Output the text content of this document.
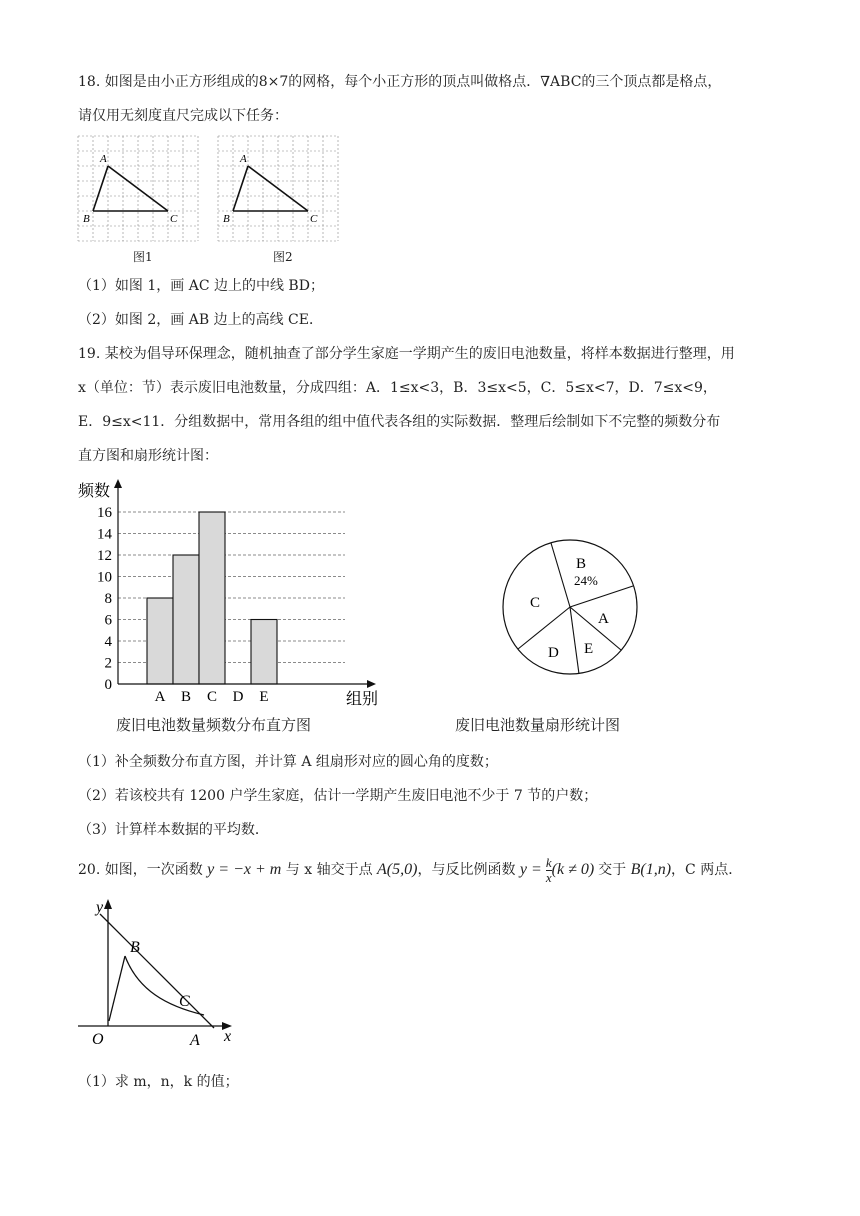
18. 如图是由小正方形组成的8×7的网格，每个小正方形的顶点叫做格点．∇ABC的三个顶点都是格点，
请仅用无刻度直尺完成以下任务：
A
B	C
图1
A
B	C
图2
（1）如图 1，画 AC 边上的中线 BD；
（2）如图 2，画 AB 边上的高线 CE．
19. 某校为倡导环保理念，随机抽查了部分学生家庭一学期产生的废旧电池数量，将样本数据进行整理，用
x（单位：节）表示废旧电池数量，分成四组：A．1≤x<3，B．3≤x<5，C．5≤x<7，D．7≤x<9，
E．9≤x<11．分组数据中，常用各组的组中值代表各组的实际数据．整理后绘制如下不完整的频数分布
直方图和扇形统计图：
0
2
4
6
8
10
12
14
16
A B C D E
频数
组别
废旧电池数量频数分布直方图
B
24%
A
E
D
C
废旧电池数量扇形统计图
（1）补全频数分布直方图，并计算 A 组扇形对应的圆心角的度数；
（2）若该校共有 1200 户学生家庭，估计一学期产生废旧电池不少于 7 节的户数；
（3）计算样本数据的平均数．
20. 如图，一次函数 y = −x + m 与 x 轴交于点 A(5,0)，与反比例函数 $y = \frac{k}{x} (k \ne 0)$ 交于 B(1,n)，C 两点．
y
x
O	A
B
C
（1）求 m，n，k 的值；
